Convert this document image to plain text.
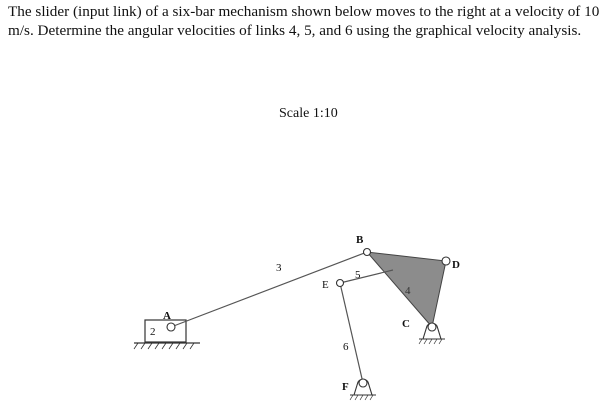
The slider (input link) of a six-bar mechanism shown below moves to the right at a velocity of 10 m/s. Determine the angular velocities of links 4, 5, and 6 using the graphical velocity analysis.

Scale 1:10
2
3
4
5
6
A
B
D
E
C
F
